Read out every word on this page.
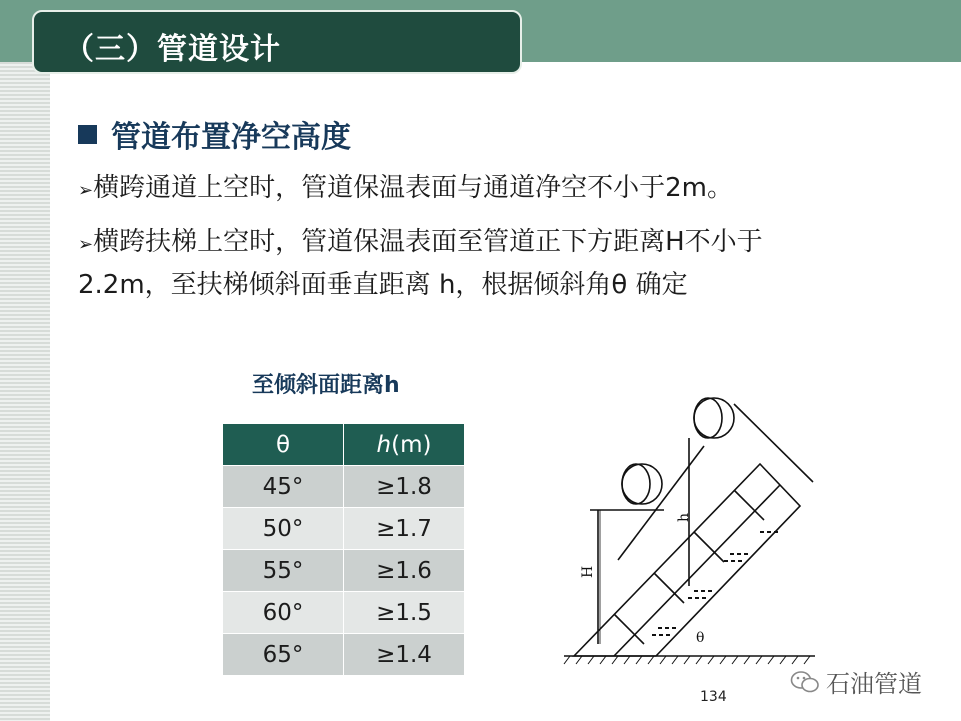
（三）管道设计
管道布置净空高度
➢横跨通道上空时，管道保温表面与通道净空不小于2m。
➢横跨扶梯上空时，管道保温表面至管道正下方距离H不小于
2.2m，至扶梯倾斜面垂直距离 h，根据倾斜角θ 确定
至倾斜面距离h
θ	h(m)
45°	≥1.8
50°	≥1.7
55°	≥1.6
60°	≥1.5
65°	≥1.4
H
h
θ
134	石油管道
